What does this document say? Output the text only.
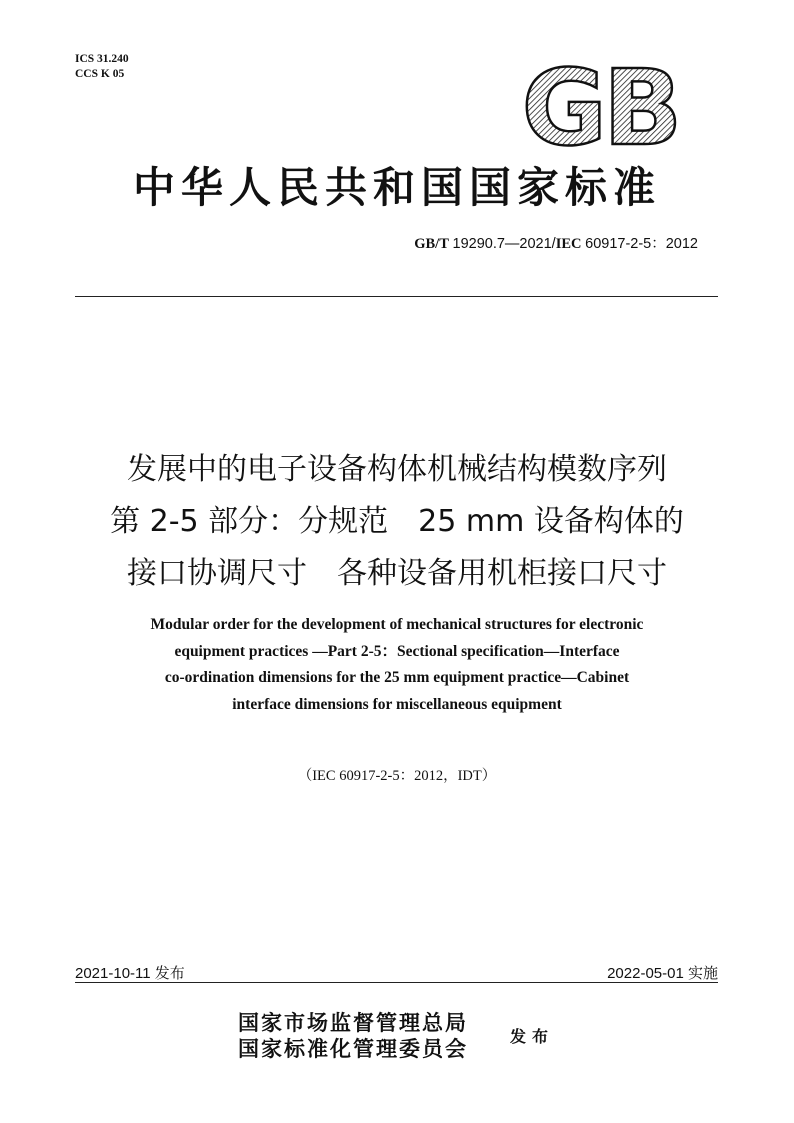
ICS 31.240
CCS K 05	GB
中华人民共和国国家标准
GB/T 19290.7—2021/IEC 60917-2-5：2012
发展中的电子设备构体机械结构模数序列
第 2-5 部分：分规范　25 mm 设备构体的
接口协调尺寸　各种设备用机柜接口尺寸
Modular order for the development of mechanical structures for electronic
equipment practices —Part 2-5：Sectional specification—Interface
co-ordination dimensions for the 25 mm equipment practice—Cabinet
interface dimensions for miscellaneous equipment
（IEC 60917-2-5：2012，IDT）
2021-10-11 发布	2022-05-01 实施
国家市场监督管理总局
国家标准化管理委员会	发布
